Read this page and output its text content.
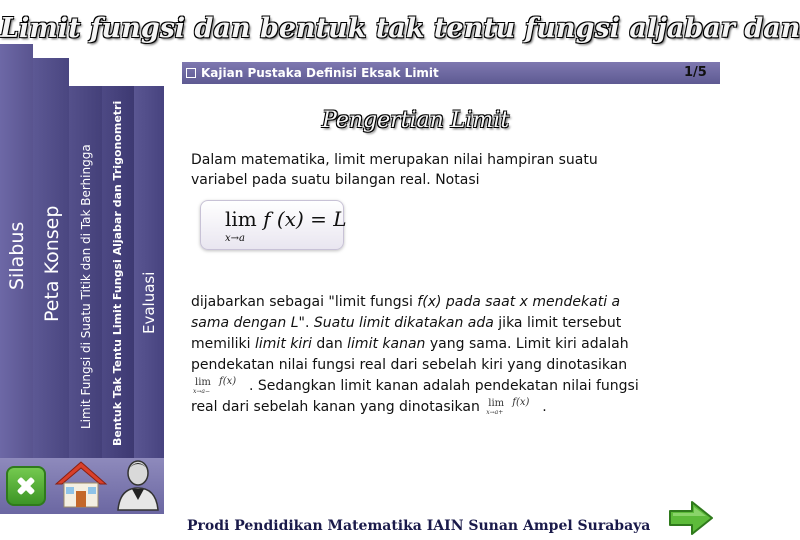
Limit fungsi dan bentuk tak tentu fungsi aljabar dan
Kajian Pustaka Definisi Eksak Limit	1/5
Silabus Peta Konsep Limit Fungsi di Suatu Titik dan di Tak Berhingga Bentuk Tak Tentu Limit Fungsi Aljabar dan Trigonometri Evaluasi
Pengertian Limit
Dalam matematika, limit merupakan nilai hampiran suatu variabel pada suatu bilangan real. Notasi
lim
x→a
f (x) = L
dijabarkan sebagai "limit fungsi f(x) pada saat x mendekati a sama dengan L". Suatu limit dikatakan ada jika limit tersebut memiliki limit kiri dan limit kanan yang sama. Limit kiri adalah pendekatan nilai fungsi real dari sebelah kiri yang dinotasikan
lim
x→a−
f(x) . Sedangkan limit kanan adalah pendekatan nilai fungsi real dari sebelah kanan yang dinotasikan lim
x→a+
f(x) .
Prodi Pendidikan Matematika IAIN Sunan Ampel Surabaya
